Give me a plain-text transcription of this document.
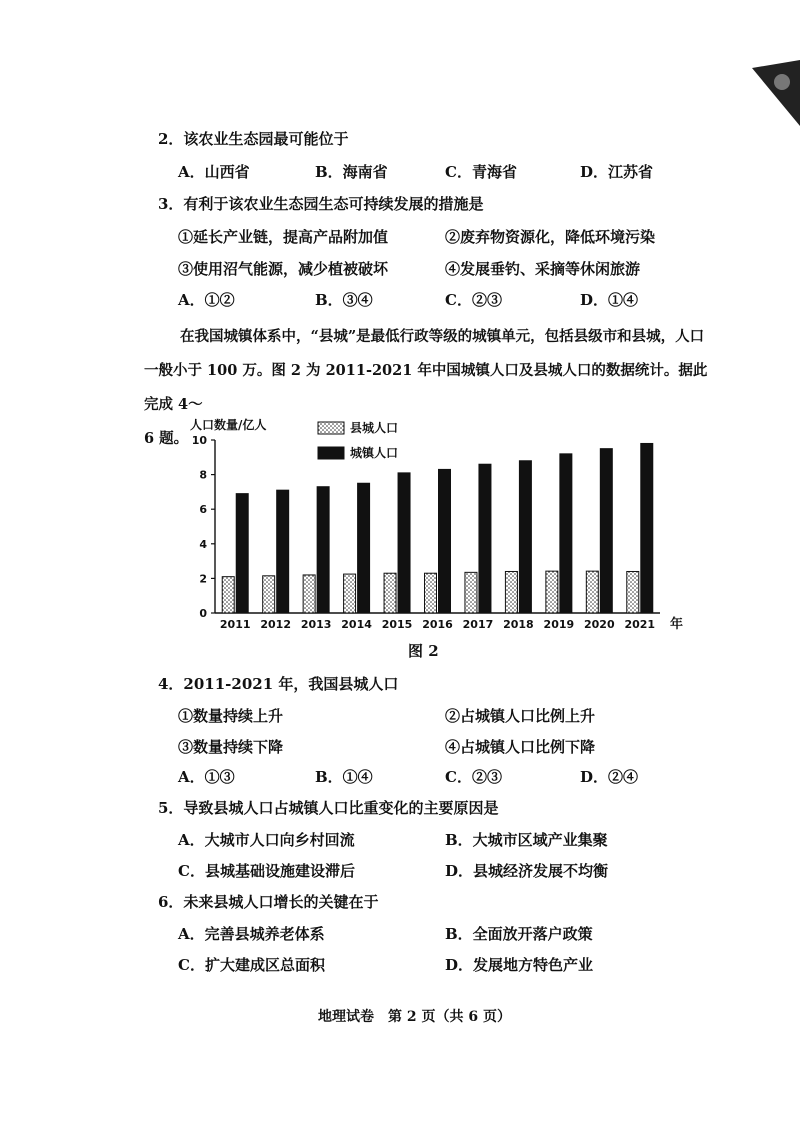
2．该农业生态园最可能位于
A．山西省	B．海南省	C．青海省	D．江苏省
3．有利于该农业生态园生态可持续发展的措施是
①延长产业链，提高产品附加值	②废弃物资源化，降低环境污染
③使用沼气能源，减少植被破坏	④发展垂钓、采摘等休闲旅游
A．①②	B．③④	C．②③	D．①④

在我国城镇体系中，“县城”是最低行政等级的城镇单元，包括县级市和县城，人口

一般小于 100 万。图 2 为 2011-2021 年中国城镇人口及县城人口的数据统计。据此完成 4～

6 题。

0
2
4
6
8
10
人口数量/亿人
2011 2012 2013 2014 2015 2016 2017 2018 2019 2020 2021 年
县城人口
城镇人口
图 2
4．2011-2021 年，我国县城人口
①数量持续上升	②占城镇人口比例上升
③数量持续下降	④占城镇人口比例下降
A．①③	B．①④	C．②③	D．②④
5．导致县城人口占城镇人口比重变化的主要原因是
A．大城市人口向乡村回流	B．大城市区域产业集聚
C．县城基础设施建设滞后	D．县城经济发展不均衡
6．未来县城人口增长的关键在于
A．完善县城养老体系	B．全面放开落户政策
C．扩大建成区总面积	D．发展地方特色产业
地理试卷　第 2 页（共 6 页）
